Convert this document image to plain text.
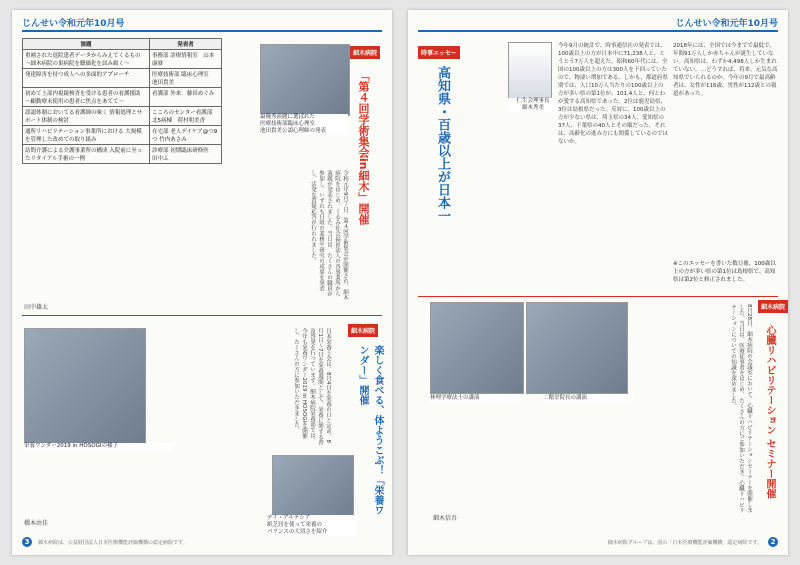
じんせい令和元年10月号
演題	発表者
重補された退院患者データからみえてくるもの ～細木病院の果病院を聴価化を試み級く～	事務部 診療情報室　山本康寮
発達障害を持つ成人への多面的アプローチ	医療技術部 臨床心理室　池田貴美
初めて上部内視鏡検査を受ける患者の看護援助 ～顧動療未使用の患者に焦点をあてて～	看護部 外来　藤田めぐみ
認認体制においてる看護師の味く 情報処理とサポート体制の検討	こころのセンター看護部 北5病棟　荷村明美香
通所リハビリテーション事業所における 大規模を管理した改めての取り組み	在宅部 老人デイケア@つ9つ 竹内あさみ
訪問介護による介護事業所の構成 入院前に至ったリタイアル手術の一例	診療部 初期臨床研修医　田中ふ
最優秀演題に選ばれた
医療技術部臨床心理室
池田貴美公認心理師の発表
細木病院
「第４回学術集会in細木」開催
令和元年9月７日、第４回学術集会が開催され、細木病院をはじめ、くるみ社会福祉法人の各事業所から演題が発表されました。当日は、たくさんの職員が参加し、いずれも日頃の業務や研究の成果を発表し、活発な質疑応答が行われました。
田中雄太
栄養ワンダー2019 in HOSOGIの様子
細木病院
楽しく食べる、体ようこぶ！「栄養ワンダー」開催
日本栄養士会は、8月4日を栄養の日と定め、8月1日～7日を栄養週間として、栄養に関する普及啓発を行っています。細木病院栄養部では、今年も栄養ワンダー2019 in HOSOGIを開催し、たくさんの方に参加いただきました。
デイ・アルテシア
紙芝居を使って栄養の
バランスの大切さを紹介
橋本由佳
3	細木病院は、公益財団法人日本医療機能評価機構の認定病院です。
じんせい令和元年10月号
時事エッセー
高知県・百歳以上が日本一	仁生会理事長
細木秀美
今年9月の統計で、時事通信社の発表では、100歳以上の方が日本中に71,238人と、とうとう7万人を超えた。昭和60年代には、全国の100歳以上の方は300人を下回っていたので、物凄い増加である。しかも、都道府県別では、人口10万人当たりの100歳以上の方が多い県の第1位が、101.4人と、何とわが愛する高知県であった。2位は鹿児島県、3位は島根県だった。反対に、100歳以上の方が少ない県は、埼玉県の34人、愛知県の37人、千葉県の40人とその順だった。それは、高齢化の進み方にも関係しているのではないか。
2018年には、全国では今までで最低で、年間91万人しか赤ちゃんが誕生していない。高知県は、わずか4,498人しか生まれていない。…どうすれば、将来、元気な高知県でいられるのか。今年の9月で最高齢者は、女性が116歳、男性が112歳との報道があった。
※このエッセーを書いた数日後、100歳以上の方が多い県の第1位は島根県で、高知県は第2位と修正されました。
林理学療法士の講演	二階堂院長の講演
細木病院
心臓リハビリテーション セミナー開催
8月28日、細木病院の会議室において、心臓リハビリテーションセミナーを開催しました。当日は、医療従事者をはじめ、たくさんの方にご参加いただき、心臓リハビリテーションについての知識を深めました。
細木信吾
細木病院グループは、国の「日本医療機能評価機構」認定病院です。	2
